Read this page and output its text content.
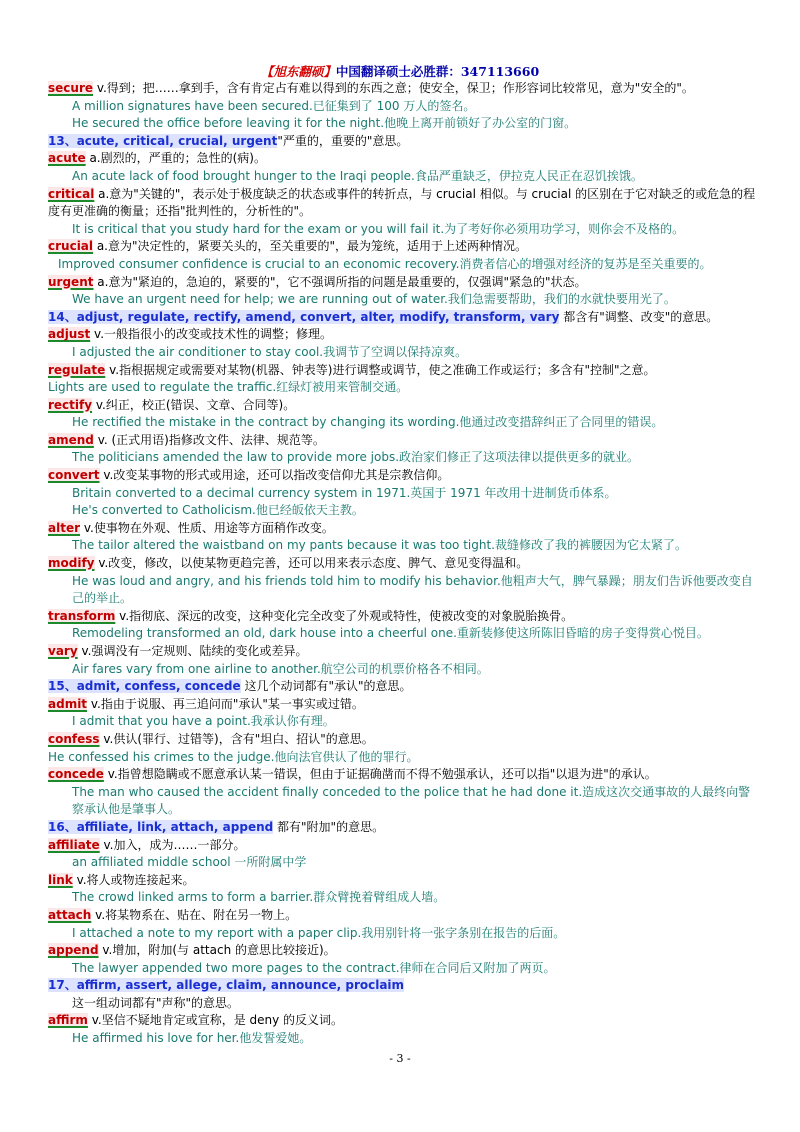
【旭东翻硕】中国翻译硕士必胜群：347113660
secure v.得到；把……拿到手，含有肯定占有难以得到的东西之意；使安全，保卫；作形容词比较常见，意为"安全的"。
A million signatures have been secured.已征集到了 100 万人的签名。
He secured the office before leaving it for the night.他晚上离开前锁好了办公室的门窗。
13、acute, critical, crucial, urgent"严重的，重要的"意思。
acute a.剧烈的，严重的；急性的(病)。
An acute lack of food brought hunger to the Iraqi people.食品严重缺乏，伊拉克人民正在忍饥挨饿。
critical a.意为"关键的"，表示处于极度缺乏的状态或事件的转折点，与 crucial 相似。与 crucial 的区别在于它对缺乏的或危急的程度有更准确的衡量；还指"批判性的，分析性的"。
It is critical that you study hard for the exam or you will fail it.为了考好你必须用功学习，则你会不及格的。
crucial a.意为"决定性的，紧要关头的，至关重要的"，最为笼统，适用于上述两种情况。
Improved consumer confidence is crucial to an economic recovery.消费者信心的增强对经济的复苏是至关重要的。
urgent a.意为"紧迫的，急迫的，紧要的"，它不强调所指的问题是最重要的，仅强调"紧急的"状态。
We have an urgent need for help; we are running out of water.我们急需要帮助，我们的水就快要用光了。
14、adjust, regulate, rectify, amend, convert, alter, modify, transform, vary 都含有"调整、改变"的意思。
adjust v.一般指很小的改变或技术性的调整；修理。
I adjusted the air conditioner to stay cool.我调节了空调以保持凉爽。
regulate v.指根据规定或需要对某物(机器、钟表等)进行调整或调节，使之准确工作或运行；多含有"控制"之意。
Lights are used to regulate the traffic.红绿灯被用来管制交通。
rectify v.纠正，校正(错误、文章、合同等)。
He rectified the mistake in the contract by changing its wording.他通过改变措辞纠正了合同里的错误。
amend v. (正式用语)指修改文件、法律、规范等。
The politicians amended the law to provide more jobs.政治家们修正了这项法律以提供更多的就业。
convert v.改变某事物的形式或用途，还可以指改变信仰尤其是宗教信仰。
Britain converted to a decimal currency system in 1971.英国于 1971 年改用十进制货币体系。
He's converted to Catholicism.他已经皈依天主教。
alter v.使事物在外观、性质、用途等方面稍作改变。
The tailor altered the waistband on my pants because it was too tight.裁缝修改了我的裤腰因为它太紧了。
modify v.改变，修改，以使某物更趋完善，还可以用来表示态度、脾气、意见变得温和。
He was loud and angry, and his friends told him to modify his behavior.他粗声大气，脾气暴躁；朋友们告诉他要改变自己的举止。
transform v.指彻底、深远的改变，这种变化完全改变了外观或特性，使被改变的对象脱胎换骨。
Remodeling transformed an old, dark house into a cheerful one.重新装修使这所陈旧昏暗的房子变得赏心悦目。
vary v.强调没有一定规则、陆续的变化或差异。
Air fares vary from one airline to another.航空公司的机票价格各不相同。
15、admit, confess, concede 这几个动词都有"承认"的意思。
admit v.指由于说服、再三追问而"承认"某一事实或过错。
I admit that you have a point.我承认你有理。
confess v.供认(罪行、过错等)，含有"坦白、招认"的意思。
He confessed his crimes to the judge.他向法官供认了他的罪行。
concede v.指曾想隐瞒或不愿意承认某一错误，但由于证据确凿而不得不勉强承认，还可以指"以退为进"的承认。
The man who caused the accident finally conceded to the police that he had done it.造成这次交通事故的人最终向警察承认他是肇事人。
16、affiliate, link, attach, append 都有"附加"的意思。
affiliate v.加入，成为……一部分。
an affiliated middle school 一所附属中学
link v.将人或物连接起来。
The crowd linked arms to form a barrier.群众臂挽着臂组成人墙。
attach v.将某物系在、贴在、附在另一物上。
I attached a note to my report with a paper clip.我用别针将一张字条别在报告的后面。
append v.增加，附加(与 attach 的意思比较接近)。
The lawyer appended two more pages to the contract.律师在合同后又附加了两页。
17、affirm, assert, allege, claim, announce, proclaim
这一组动词都有"声称"的意思。
affirm v.坚信不疑地肯定或宣称，是 deny 的反义词。
He affirmed his love for her.他发誓爱她。
- 3 -
